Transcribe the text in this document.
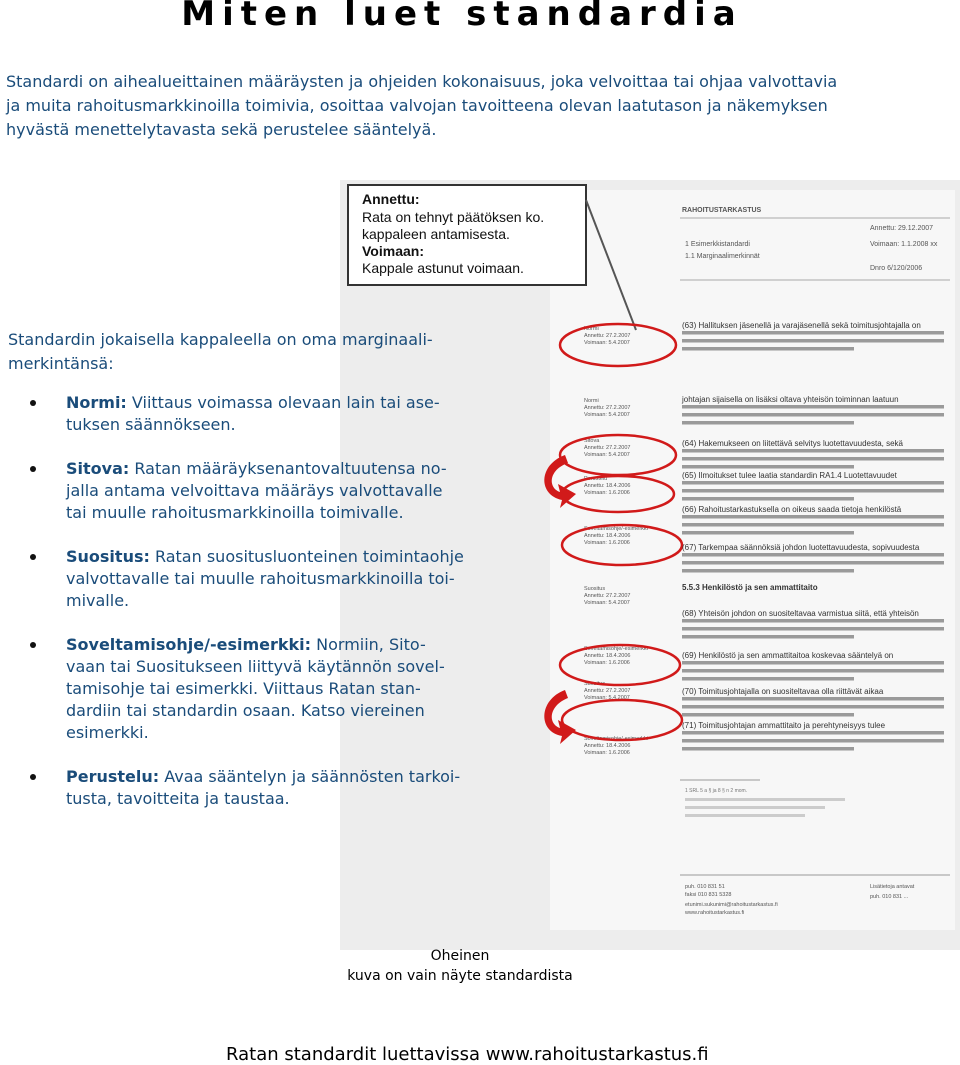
Miten luet standardia
Standardi on aihealueittainen määräysten ja ohjeiden kokonaisuus, joka velvoittaa tai ohjaa valvottavia
ja muita rahoitusmarkkinoilla toimivia, osoittaa valvojan tavoitteena olevan laatutason ja näkemyksen
hyvästä menettelytavasta sekä perustelee sääntelyä.
RAHOITUSTARKASTUS
1 Esimerkkistandardi
1.1 Marginaalimerkinnät
Annettu: 29.12.2007
Voimaan: 1.1.2008 xx
Dnro 6/120/2006
Annettu:
Rata on tehnyt päätöksen ko.
kappaleen antamisesta.
Voimaan:
Kappale astunut voimaan.
Normi
Annettu: 27.2.2007
Voimaan: 5.4.2007
Normi
Annettu: 27.2.2007
Voimaan: 5.4.2007
Sitova
Annettu: 27.2.2007
Voimaan: 5.4.2007
Perustelu
Annettu: 18.4.2006
Voimaan: 1.6.2006
Soveltamisohje/-esimerkki
Annettu: 18.4.2006
Voimaan: 1.6.2006
Suositus
Annettu: 27.2.2007
Voimaan: 5.4.2007
Soveltamisohje/-esimerkki
Annettu: 18.4.2006
Voimaan: 1.6.2006
Suositus
Annettu: 27.2.2007
Voimaan: 5.4.2007
Soveltamisohje/-esimerkki
Annettu: 18.4.2006
Voimaan: 1.6.2006
(63) Hallituksen jäsenellä ja varajäsenellä sekä toimitusjohtajalla on
johtajan sijaisella on lisäksi oltava yhteisön toiminnan laatuun
(64) Hakemukseen on liitettävä selvitys luotettavuudesta, sekä
(65) Ilmoitukset tulee laatia standardin RA1.4 Luotettavuudet
(66) Rahoitustarkastuksella on oikeus saada tietoja henkilöstä
(67) Tarkempaa säännöksiä johdon luotettavuudesta, sopivuudesta
5.5.3 Henkilöstö ja sen ammattitaito
(68) Yhteisön johdon on suositeltavaa varmistua siitä, että yhteisön
(69) Henkilöstö ja sen ammattitaitoa koskevaa sääntelyä on
(70) Toimitusjohtajalla on suositeltavaa olla riittävät aikaa
(71) Toimitusjohtajan ammattitaito ja perehtyneisyys tulee
1 SRL 5 a § ja 8 § n 2 mom.
puh. 010 831 51
faksi 010 831 5328
etunimi.sukunimi@rahoitustarkastus.fi
www.rahoitustarkastus.fi
Lisätietoja antavat
puh. 010 831 ...
Standardin jokaisella kappaleella on oma marginaali-
merkintänsä:
Normi: Viittaus voimassa olevaan lain tai ase-
tuksen säännökseen.
Sitova: Ratan määräyksenantovaltuutensa no-
jalla antama velvoittava määräys valvottavalle
tai muulle rahoitusmarkkinoilla toimivalle.
Suositus: Ratan suositusluonteinen toimintaohje
valvottavalle tai muulle rahoitusmarkkinoilla toi-
mivalle.
Soveltamisohje/-esimerkki: Normiin, Sito-
vaan tai Suositukseen liittyvä käytännön sovel-
tamisohje tai esimerkki. Viittaus Ratan stan-
dardiin tai standardin osaan. Katso viereinen
esimerkki.
Perustelu: Avaa sääntelyn ja säännösten tarkoi-
tusta, tavoitteita ja taustaa.
Oheinen
kuva on vain näyte standardista
Ratan standardit luettavissa www.rahoitustarkastus.fi
